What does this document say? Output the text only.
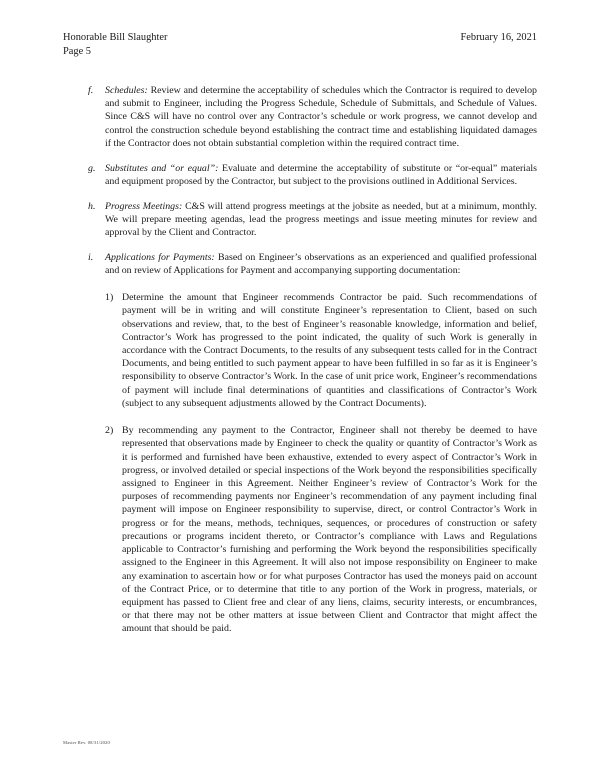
Honorable Bill Slaughter
Page 5
February 16, 2021
f.	Schedules: Review and determine the acceptability of schedules which the Contractor is required to develop and submit to Engineer, including the Progress Schedule, Schedule of Submittals, and Schedule of Values. Since C&S will have no control over any Contractor’s schedule or work progress, we cannot develop and control the construction schedule beyond establishing the contract time and establishing liquidated damages if the Contractor does not obtain substantial completion within the required contract time.
g. Substitutes and “or equal”: Evaluate and determine the acceptability of substitute or “or-equal” materials and equipment proposed by the Contractor, but subject to the provisions outlined in Additional Services.
h. Progress Meetings: C&S will attend progress meetings at the jobsite as needed, but at a minimum, monthly. We will prepare meeting agendas, lead the progress meetings and issue meeting minutes for review and approval by the Client and Contractor.
i.	Applications for Payments: Based on Engineer’s observations as an experienced and qualified professional and on review of Applications for Payment and accompanying supporting documentation:
1) Determine the amount that Engineer recommends Contractor be paid. Such recommendations of payment will be in writing and will constitute Engineer’s representation to Client, based on such observations and review, that, to the best of Engineer’s reasonable knowledge, information and belief, Contractor’s Work has progressed to the point indicated, the quality of such Work is generally in accordance with the Contract Documents, to the results of any subsequent tests called for in the Contract Documents, and being entitled to such payment appear to have been fulfilled in so far as it is Engineer’s responsibility to observe Contractor’s Work. In the case of unit price work, Engineer’s recommendations of payment will include final determinations of quantities and classifications of Contractor’s Work (subject to any subsequent adjustments allowed by the Contract Documents).
2) By recommending any payment to the Contractor, Engineer shall not thereby be deemed to have represented that observations made by Engineer to check the quality or quantity of Contractor’s Work as it is performed and furnished have been exhaustive, extended to every aspect of Contractor’s Work in progress, or involved detailed or special inspections of the Work beyond the responsibilities specifically assigned to Engineer in this Agreement. Neither Engineer’s review of Contractor’s Work for the purposes of recommending payments nor Engineer’s recommendation of any payment including final payment will impose on Engineer responsibility to supervise, direct, or control Contractor’s Work in progress or for the means, methods, techniques, sequences, or procedures of construction or safety precautions or programs incident thereto, or Contractor’s compliance with Laws and Regulations applicable to Contractor’s furnishing and performing the Work beyond the responsibilities specifically assigned to the Engineer in this Agreement. It will also not impose responsibility on Engineer to make any examination to ascertain how or for what purposes Contractor has used the moneys paid on account of the Contract Price, or to determine that title to any portion of the Work in progress, materials, or equipment has passed to Client free and clear of any liens, claims, security interests, or encumbrances, or that there may not be other matters at issue between Client and Contractor that might affect the amount that should be paid.
Master Rev. 08/31/2020
